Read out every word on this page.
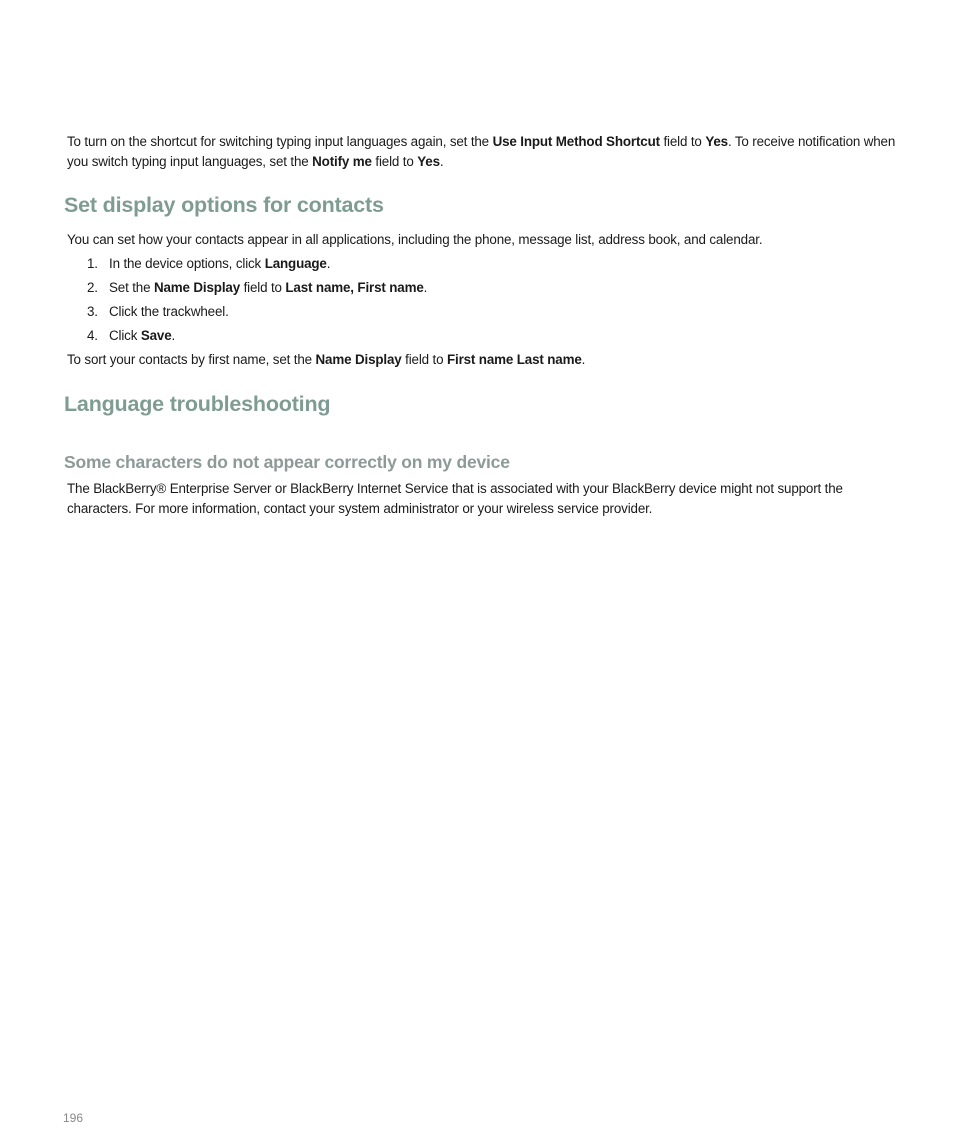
To turn on the shortcut for switching typing input languages again, set the Use Input Method Shortcut field to Yes. To receive notification when you switch typing input languages, set the Notify me field to Yes.

Set display options for contacts

You can set how your contacts appear in all applications, including the phone, message list, address book, and calendar.

1. In the device options, click Language.
2. Set the Name Display field to Last name, First name.
3. Click the trackwheel.
4. Click Save.

To sort your contacts by first name, set the Name Display field to First name Last name.

Language troubleshooting
Some characters do not appear correctly on my device

The BlackBerry® Enterprise Server or BlackBerry Internet Service that is associated with your BlackBerry device might not support the characters. For more information, contact your system administrator or your wireless service provider.

196
